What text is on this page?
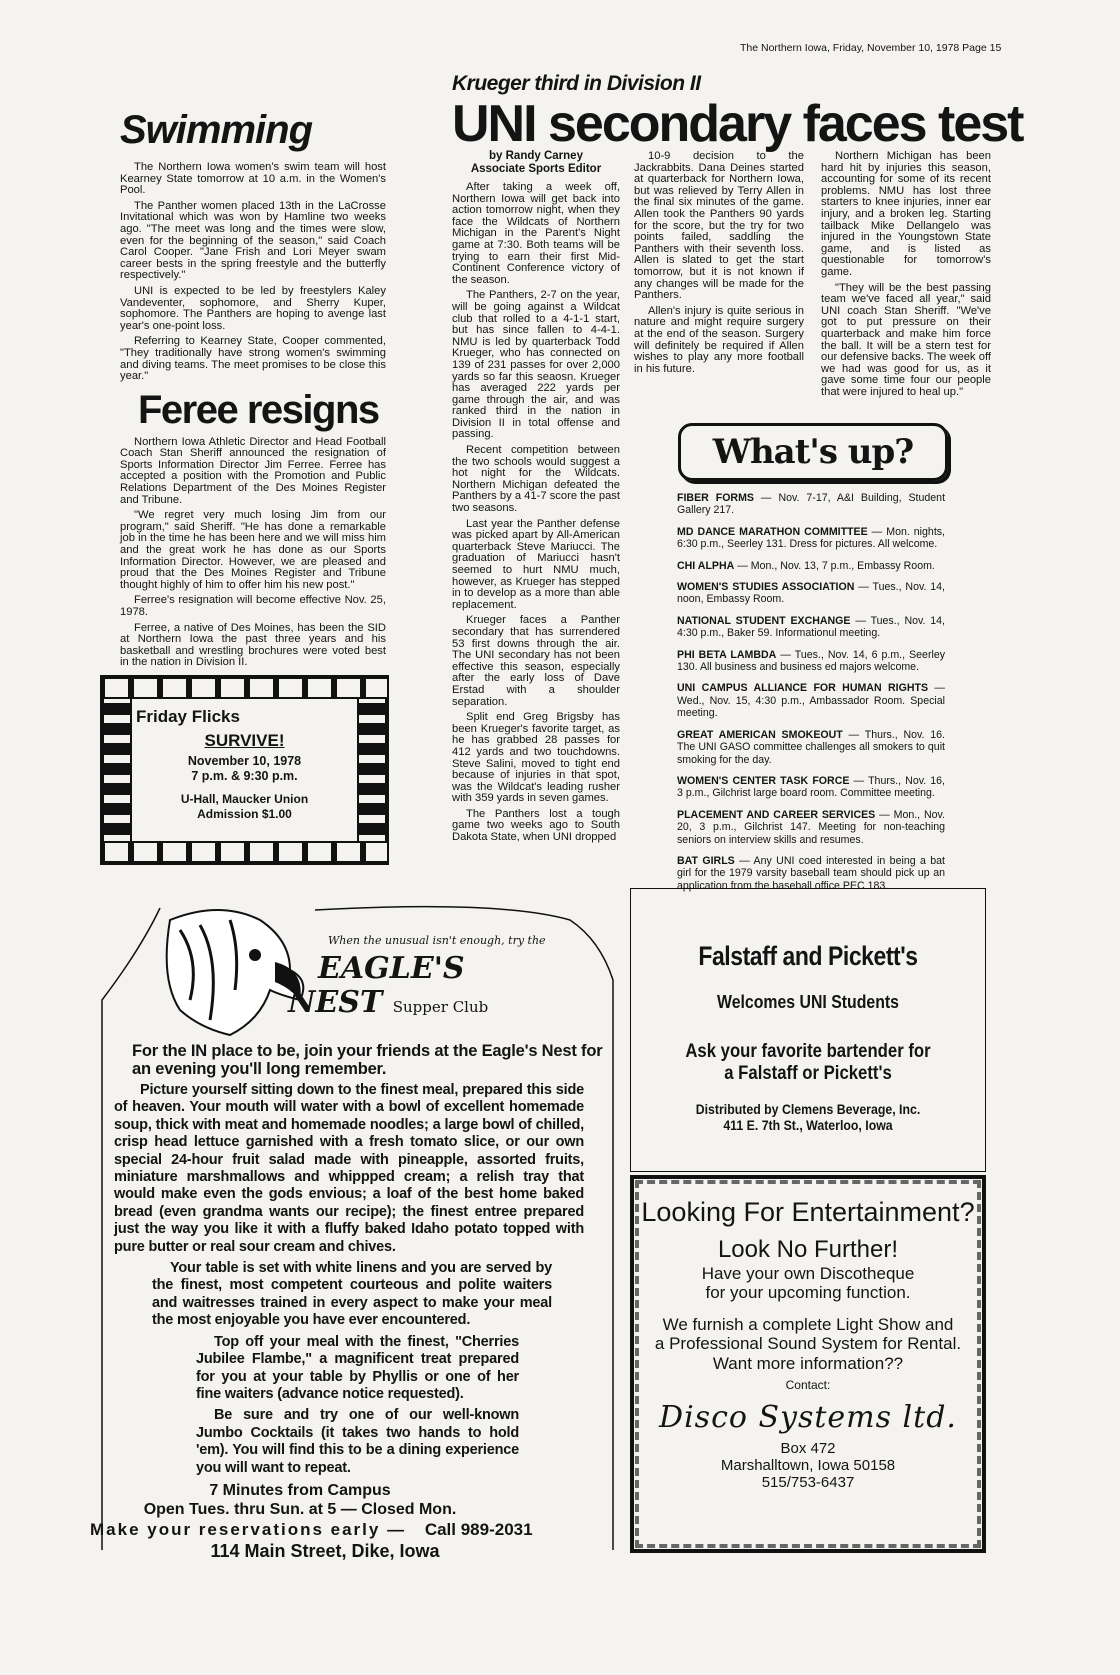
The Northern Iowa, Friday, November 10, 1978 Page 15
Krueger third in Division II
UNI secondary faces test
Swimming

The Northern Iowa women's swim team will host Kearney State tomorrow at 10 a.m. in the Women's Pool.

The Panther women placed 13th in the LaCrosse Invitational which was won by Hamline two weeks ago. "The meet was long and the times were slow, even for the beginning of the season," said Coach Carol Cooper. "Jane Frish and Lori Meyer swam career bests in the spring freestyle and the butterfly respectively."

UNI is expected to be led by freestylers Kaley Vandeventer, sophomore, and Sherry Kuper, sophomore. The Panthers are hoping to avenge last year's one-point loss.

Referring to Kearney State, Cooper commented, "They traditionally have strong women's swimming and diving teams. The meet promises to be close this year."

Feree resigns

Northern Iowa Athletic Director and Head Football Coach Stan Sheriff announced the resignation of Sports Information Director Jim Ferree. Ferree has accepted a position with the Promotion and Public Relations Department of the Des Moines Register and Tribune.

"We regret very much losing Jim from our program," said Sheriff. "He has done a remarkable job in the time he has been here and we will miss him and the great work he has done as our Sports Information Director. However, we are pleased and proud that the Des Moines Register and Tribune thought highly of him to offer him his new post."

Ferree's resignation will become effective Nov. 25, 1978.

Ferree, a native of Des Moines, has been the SID at Northern Iowa the past three years and his basketball and wrestling brochures were voted best in the nation in Division II.

Friday Flicks
SURVIVE!
November 10, 1978
7 p.m. & 9:30 p.m.
U-Hall, Maucker Union
Admission $1.00
by Randy Carney
Associate Sports Editor

After taking a week off, Northern Iowa will get back into action tomorrow night, when they face the Wildcats of Northern Michigan in the Parent's Night game at 7:30. Both teams will be trying to earn their first Mid-Continent Conference victory of the season.

The Panthers, 2-7 on the year, will be going against a Wildcat club that rolled to a 4-1-1 start, but has since fallen to 4-4-1. NMU is led by quarterback Todd Krueger, who has connected on 139 of 231 passes for over 2,000 yards so far this seaosn. Krueger has averaged 222 yards per game through the air, and was ranked third in the nation in Division II in total offense and passing.

Recent competition between the two schools would suggest a hot night for the Wildcats. Northern Michigan defeated the Panthers by a 41-7 score the past two seasons.

Last year the Panther defense was picked apart by All-American quarterback Steve Mariucci. The graduation of Mariucci hasn't seemed to hurt NMU much, however, as Krueger has stepped in to develop as a more than able replacement.

Krueger faces a Panther secondary that has surrendered 53 first downs through the air. The UNI secondary has not been effective this season, especially after the early loss of Dave Erstad with a shoulder separation.

Split end Greg Brigsby has been Krueger's favorite target, as he has grabbed 28 passes for 412 yards and two touchdowns. Steve Salini, moved to tight end because of injuries in that spot, was the Wildcat's leading rusher with 359 yards in seven games.

The Panthers lost a tough game two weeks ago to South Dakota State, when UNI dropped

10-9 decision to the Jackrabbits. Dana Deines started at quarterback for Northern Iowa, but was relieved by Terry Allen in the final six minutes of the game. Allen took the Panthers 90 yards for the score, but the try for two points failed, saddling the Panthers with their seventh loss. Allen is slated to get the start tomorrow, but it is not known if any changes will be made for the Panthers.

Allen's injury is quite serious in nature and might require surgery at the end of the season. Surgery will definitely be required if Allen wishes to play any more football in his future.

Northern Michigan has been hard hit by injuries this season, accounting for some of its recent problems. NMU has lost three starters to knee injuries, inner ear injury, and a broken leg. Starting tailback Mike Dellangelo was injured in the Youngstown State game, and is listed as questionable for tomorrow's game.

"They will be the best passing team we've faced all year," said UNI coach Stan Sheriff. "We've got to put pressure on their quarterback and make him force the ball. It will be a stern test for our defensive backs. The week off we had was good for us, as it gave some time four our people that were injured to heal up."

What's up?

FIBER FORMS — Nov. 7-17, A&I Building, Student Gallery 217.

MD DANCE MARATHON COMMITTEE — Mon. nights, 6:30 p.m., Seerley 131. Dress for pictures. All welcome.

CHI ALPHA — Mon., Nov. 13, 7 p.m., Embassy Room.

WOMEN'S STUDIES ASSOCIATION — Tues., Nov. 14, noon, Embassy Room.

NATIONAL STUDENT EXCHANGE — Tues., Nov. 14, 4:30 p.m., Baker 59. Informationul meeting.

PHI BETA LAMBDA — Tues., Nov. 14, 6 p.m., Seerley 130. All business and business ed majors welcome.

UNI CAMPUS ALLIANCE FOR HUMAN RIGHTS — Wed., Nov. 15, 4:30 p.m., Ambassador Room. Special meeting.

GREAT AMERICAN SMOKEOUT — Thurs., Nov. 16. The UNI GASO committee challenges all smokers to quit smoking for the day.

WOMEN'S CENTER TASK FORCE — Thurs., Nov. 16, 3 p.m., Gilchrist large board room. Committee meeting.

PLACEMENT AND CAREER SERVICES — Mon., Nov. 20, 3 p.m., Gilchrist 147. Meeting for non-teaching seniors on interview skills and resumes.

BAT GIRLS — Any UNI coed interested in being a bat girl for the 1979 varsity baseball team should pick up an application from the baseball office PEC 183.

When the unusual isn't enough, try the
EAGLE'S
NEST Supper Club

For the IN place to be, join your friends at the Eagle's Nest for an evening you'll long remember.

Picture yourself sitting down to the finest meal, prepared this side of heaven. Your mouth will water with a bowl of excellent homemade soup, thick with meat and homemade noodles; a large bowl of chilled, crisp head lettuce garnished with a fresh tomato slice, or our own special 24-hour fruit salad made with pineapple, assorted fruits, miniature marshmallows and whippped cream; a relish tray that would make even the gods envious; a loaf of the best home baked bread (even grandma wants our recipe); the finest entree prepared just the way you like it with a fluffy baked Idaho potato topped with pure butter or real sour cream and chives.

Your table is set with white linens and you are served by the finest, most competent courteous and polite waiters and waitresses trained in every aspect to make your meal the most enjoyable you have ever encountered.

Top off your meal with the finest, "Cherries Jubilee Flambe," a magnificent treat prepared for you at your table by Phyllis or one of her fine waiters (advance notice requested).

Be sure and try one of our well-known Jumbo Cocktails (it takes two hands to hold 'em). You will find this to be a dining experience you will want to repeat.

7 Minutes from Campus
Open Tues. thru Sun. at 5 — Closed Mon.
Make your reservations early — Call 989-2031
114 Main Street, Dike, Iowa
Falstaff and Pickett's
Welcomes UNI Students
Ask your favorite bartender for
a Falstaff or Pickett's
Distributed by Clemens Beverage, Inc.
411 E. 7th St., Waterloo, Iowa
Looking For Entertainment?
Look No Further!
Have your own Discotheque
for your upcoming function.
We furnish a complete Light Show and
a Professional Sound System for Rental.
Want more information??
Contact:
Disco Systems ltd.
Box 472
Marshalltown, Iowa 50158
515/753-6437
